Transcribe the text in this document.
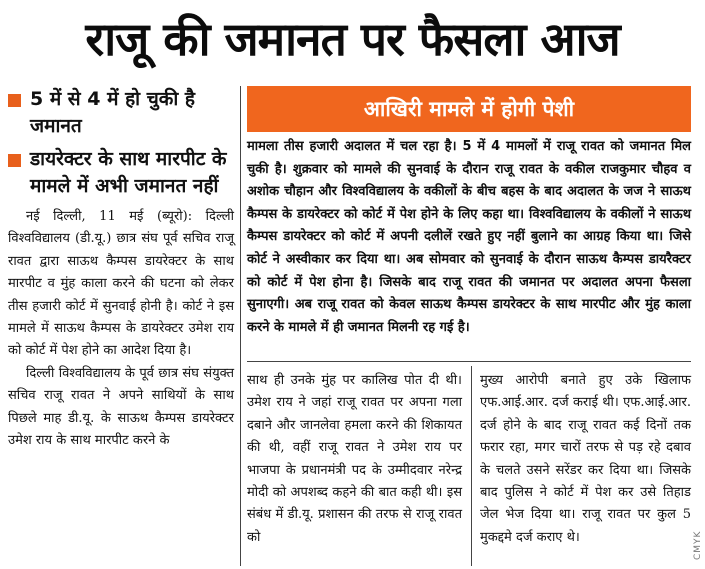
राजू की जमानत पर फैसला आज
5 में से 4 में हो चुकी है जमानत
डायरेक्टर के साथ मारपीट के मामले में अभी जमानत नहीं

नई दिल्ली, 11 मई (ब्यूरो): दिल्ली विश्वविद्यालय (डी.यू.) छात्र संघ पूर्व सचिव राजू रावत द्वारा साऊथ कैम्पस डायरेक्टर के साथ मारपीट व मुंह काला करने की घटना को लेकर तीस हजारी कोर्ट में सुनवाई होनी है। कोर्ट ने इस मामले में साऊथ कैम्पस के डायरेक्टर उमेश राय को कोर्ट में पेश होने का आदेश दिया है।

दिल्ली विश्वविद्यालय के पूर्व छात्र संघ संयुक्त सचिव राजू रावत ने अपने साथियों के साथ पिछले माह डी.यू. के साऊथ कैम्पस डायरेक्टर उमेश राय के साथ मारपीट करने के

आखिरी मामले में होगी पेशी
मामला तीस हजारी अदालत में चल रहा है। 5 में 4 मामलों में राजू रावत को जमानत मिल चुकी है। शुक्रवार को मामले की सुनवाई के दौरान राजू रावत के वकील राजकुमार चौहव व अशोक चौहान और विश्वविद्यालय के वकीलों के बीच बहस के बाद अदालत के जज ने साऊथ कैम्पस के डायरेक्टर को कोर्ट में पेश होने के लिए कहा था। विश्वविद्यालय के वकीलों ने साऊथ कैम्पस डायरेक्टर को कोर्ट में अपनी दलीलें रखते हुए नहीं बुलाने का आग्रह किया था। जिसे कोर्ट ने अस्वीकार कर दिया था। अब सोमवार को सुनवाई के दौरान साऊथ कैम्पस डायरैक्टर को कोर्ट में पेश होना है। जिसके बाद राजू रावत की जमानत पर अदालत अपना फैसला सुनाएगी। अब राजू रावत को केवल साऊथ कैम्पस डायरेक्टर के साथ मारपीट और मुंह काला करने के मामले में ही जमानत मिलनी रह गई है।
साथ ही उनके मुंह पर कालिख पोत दी थी। उमेश राय ने जहां राजू रावत पर अपना गला दबाने और जानलेवा हमला करने की शिकायत की थी, वहीं राजू रावत ने उमेश राय पर भाजपा के प्रधानमंत्री पद के उम्मीदवार नरेन्द्र मोदी को अपशब्द कहने की बात कही थी। इस संबंध में डी.यू. प्रशासन की तरफ से राजू रावत को
मुख्य आरोपी बनाते हुए उके खिलाफ एफ.आई.आर. दर्ज कराई थी। एफ.आई.आर. दर्ज होने के बाद राजू रावत कई दिनों तक फरार रहा, मगर चारों तरफ से पड़ रहे दबाव के चलते उसने सरेंडर कर दिया था। जिसके बाद पुलिस ने कोर्ट में पेश कर उसे तिहाड जेल भेज दिया था। राजू रावत पर कुल 5 मुकद्दमे दर्ज कराए थे।	CMYK
